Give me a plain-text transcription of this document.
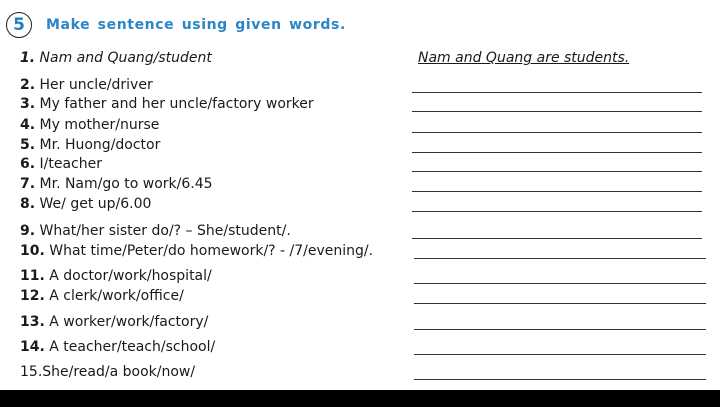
5	Make sentence using given words.
1. Nam and Quang/student	Nam and Quang are students.
2. Her uncle/driver
3. My father and her uncle/factory worker
4. My mother/nurse
5. Mr. Huong/doctor
6. I/teacher
7. Mr. Nam/go to work/6.45
8. We/ get up/6.00
9. What/her sister do/? – She/student/.
10. What time/Peter/do homework/? - /7/evening/.
11. A doctor/work/hospital/
12. A clerk/work/office/
13. A worker/work/factory/
14. A teacher/teach/school/
15.She/read/a book/now/
